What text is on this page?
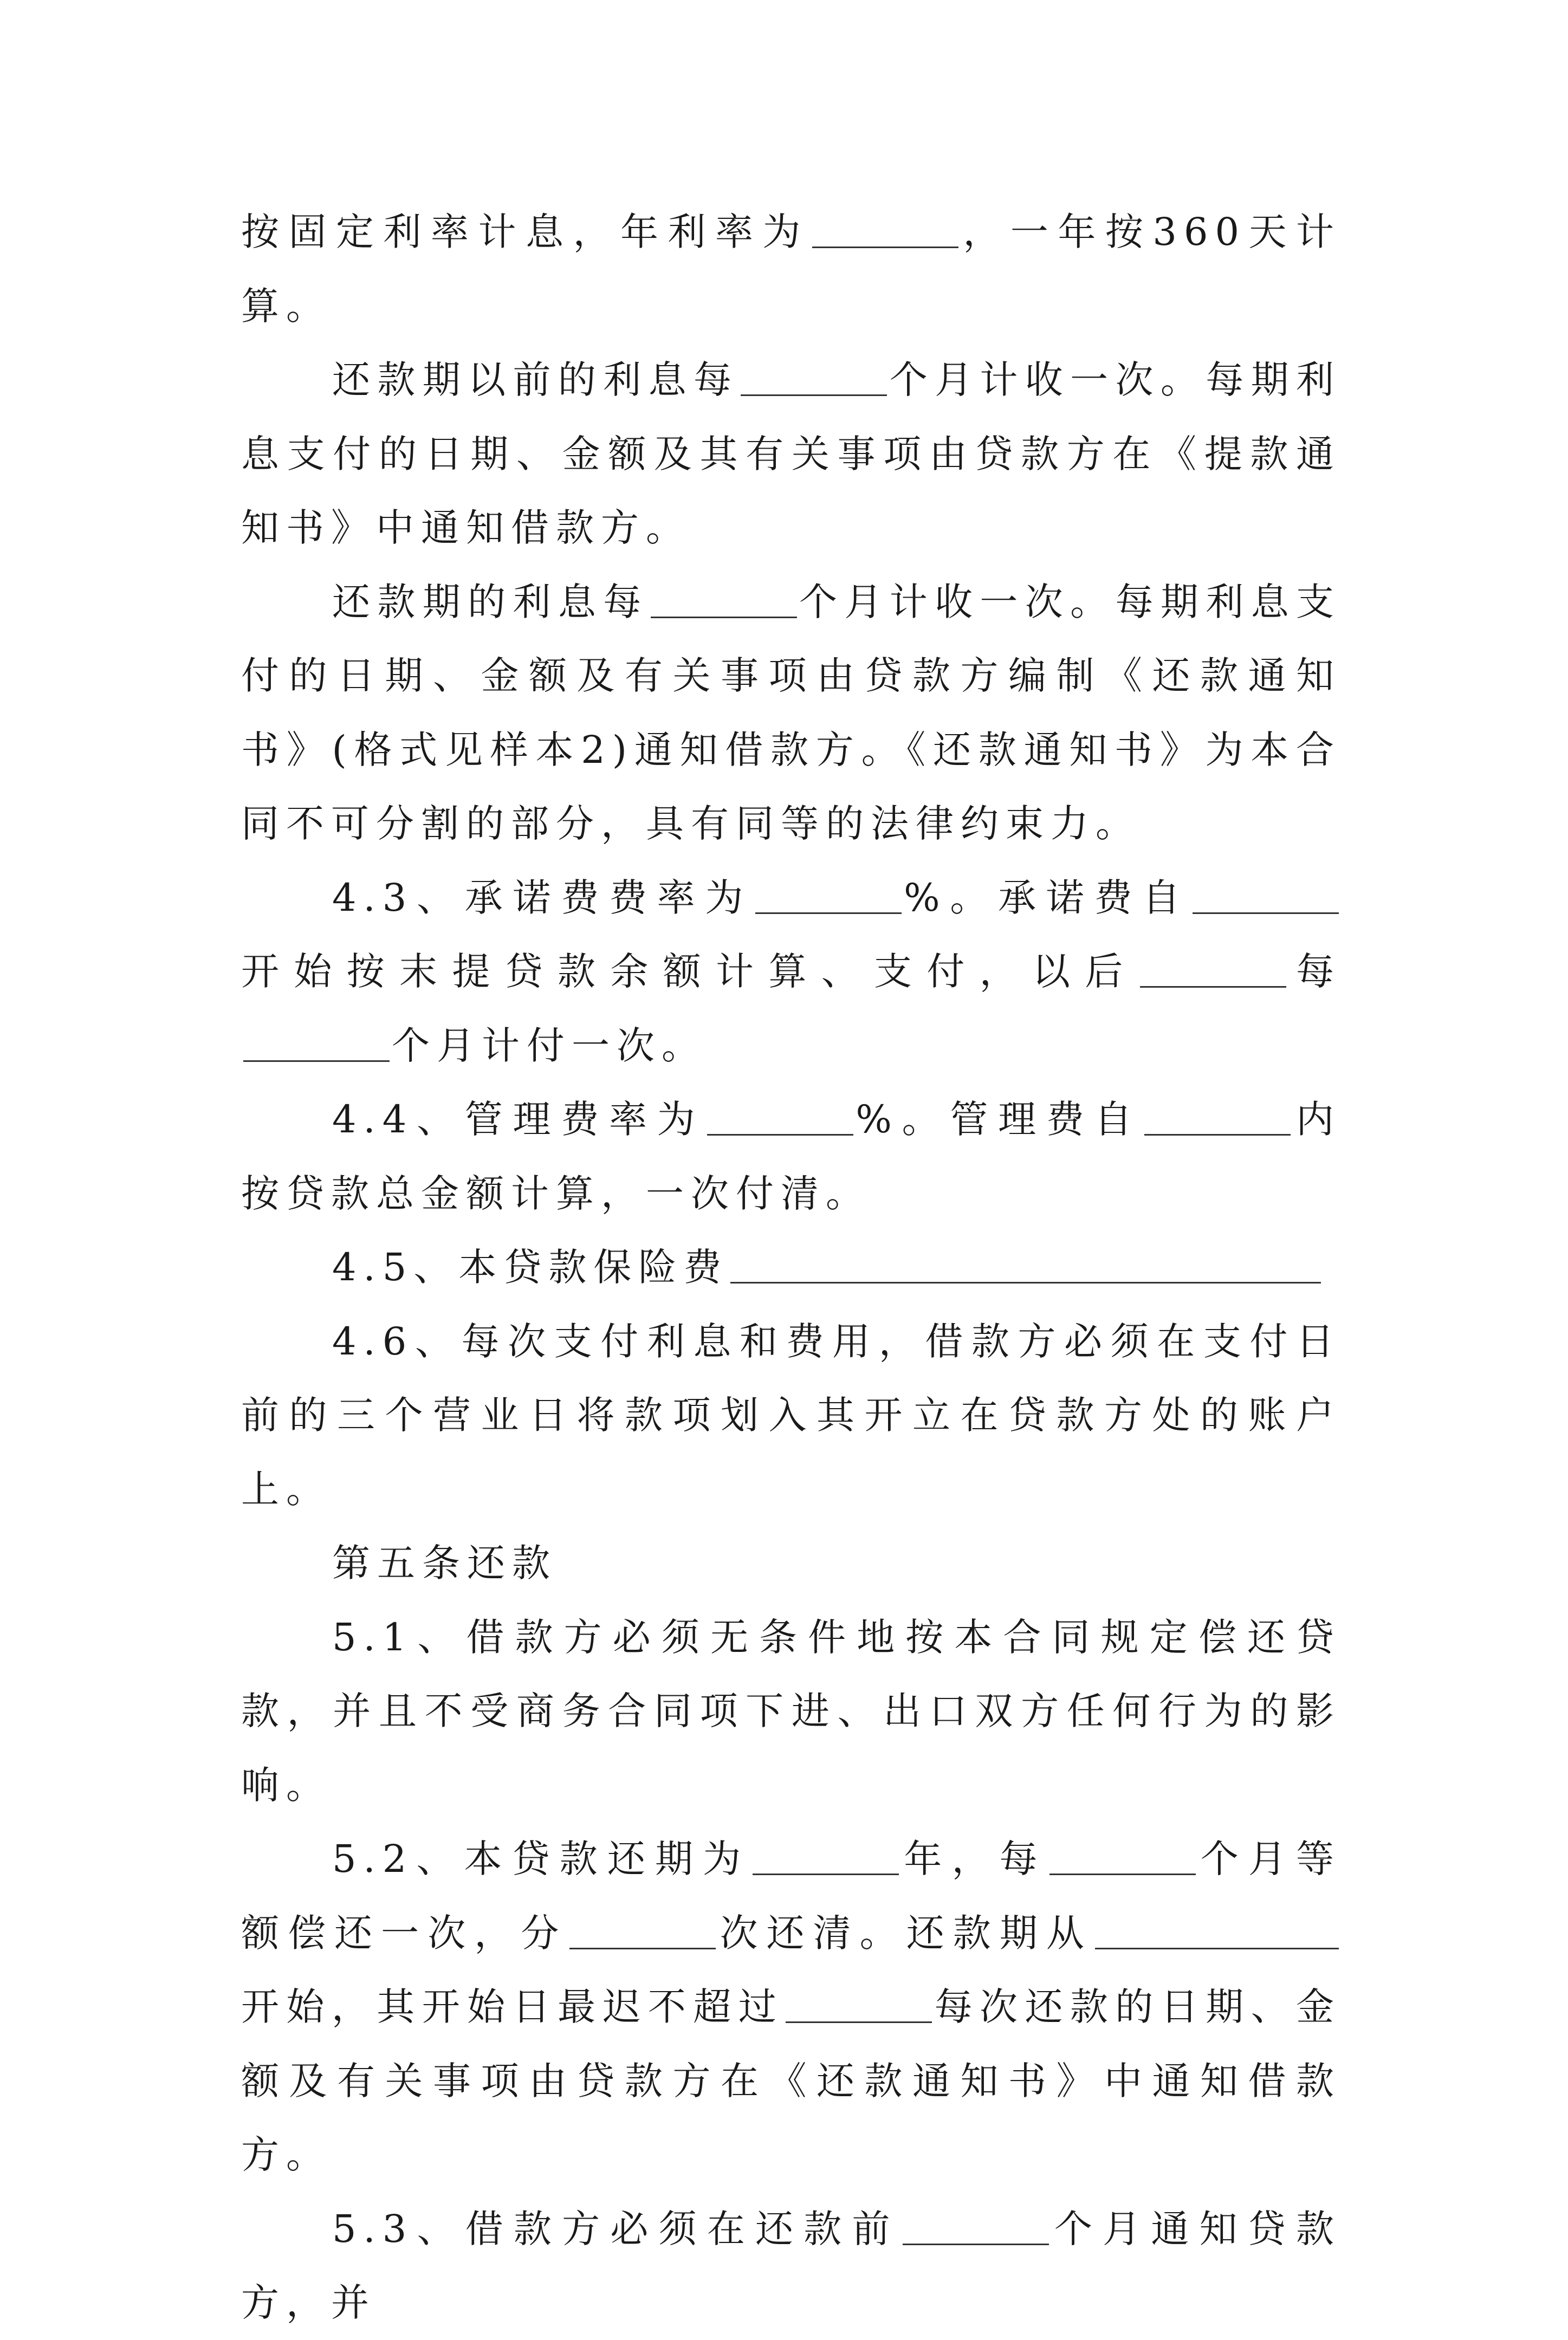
按固定利率计息，年利率为	，一年按360天计算。

还款期以前的利息每	个月计收一次。每期利息支付的日期、金额及其有关事项由贷款方在《提款通知书》中通知借款方。

还款期的利息每	个月计收一次。每期利息支付的日期、金额及有关事项由贷款方编制《还款通知书》(格式见样本2)通知借款方。《还款通知书》为本合同不可分割的部分，具有同等的法律约束力。

4.3、承诺费费率为	%。承诺费自开始按末提贷款余额计算、支付，以后	每个月计付一次。

4.4、管理费率为	%。管理费自	内按贷款总金额计算，一次付清。

4.5、本贷款保险费

4.6、每次支付利息和费用，借款方必须在支付日前的三个营业日将款项划入其开立在贷款方处的账户上。

第五条还款

5.1、借款方必须无条件地按本合同规定偿还贷款，并且不受商务合同项下进、出口双方任何行为的影响。

5.2、本贷款还期为	年，每	个月等额偿还一次，分	次还清。还款期从开始，其开始日最迟不超过	每次还款的日期、金额及有关事项由贷款方在《还款通知书》中通知借款方。

5.3、借款方必须在还款前	个月通知贷款方，并
